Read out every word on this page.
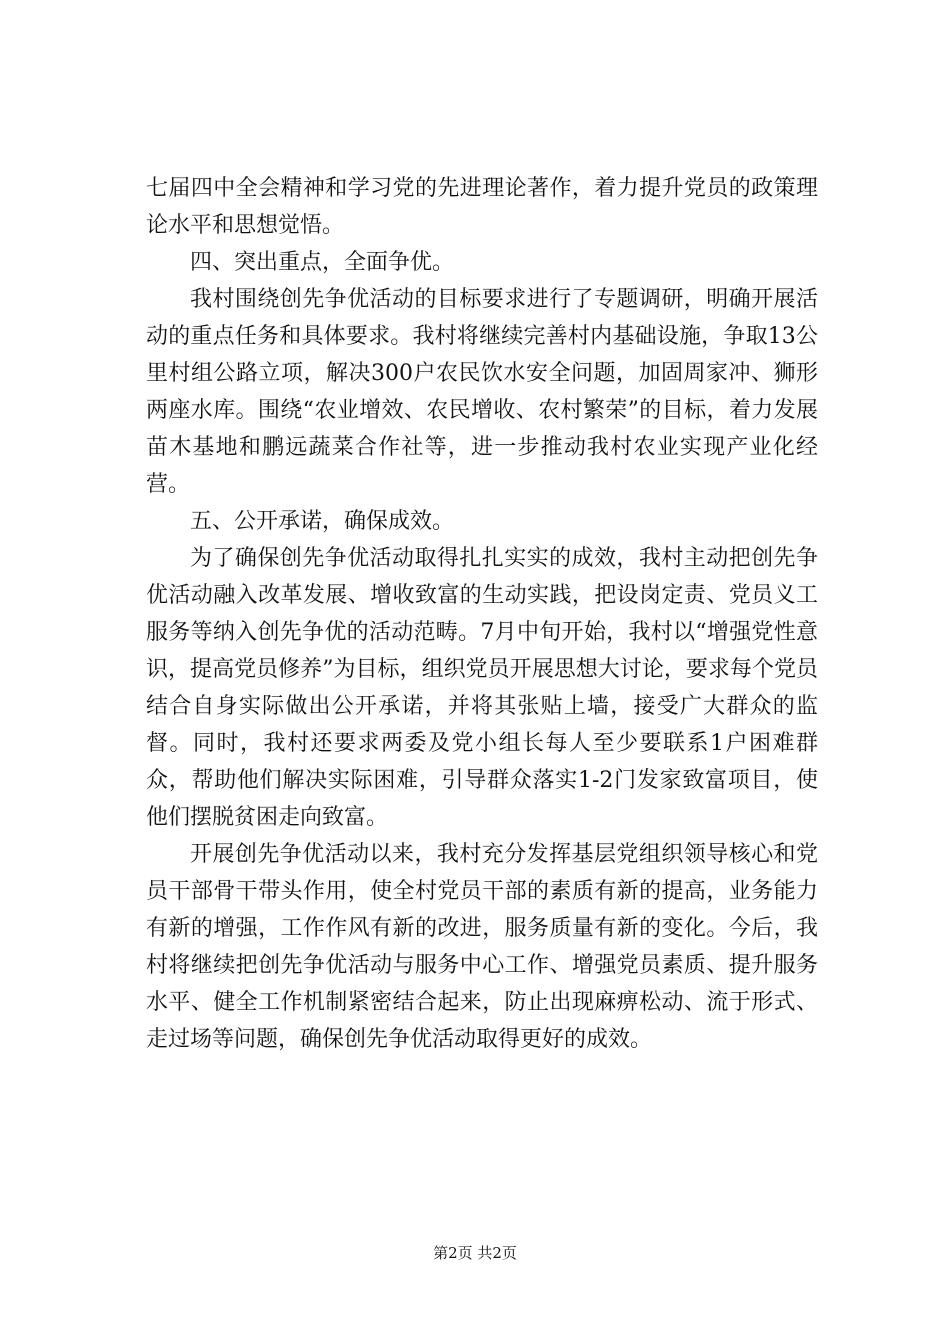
七届四中全会精神和学习党的先进理论著作，着力提升党员的政策理论水平和思想觉悟。

四、突出重点，全面争优。

我村围绕创先争优活动的目标要求进行了专题调研，明确开展活动的重点任务和具体要求。我村将继续完善村内基础设施，争取13公里村组公路立项，解决300户农民饮水安全问题，加固周家冲、狮形两座水库。围绕“农业增效、农民增收、农村繁荣”的目标，着力发展苗木基地和鹏远蔬菜合作社等，进一步推动我村农业实现产业化经营。

五、公开承诺，确保成效。

为了确保创先争优活动取得扎扎实实的成效，我村主动把创先争优活动融入改革发展、增收致富的生动实践，把设岗定责、党员义工服务等纳入创先争优的活动范畴。7月中旬开始，我村以“增强党性意识，提高党员修养”为目标，组织党员开展思想大讨论，要求每个党员结合自身实际做出公开承诺，并将其张贴上墙，接受广大群众的监督。同时，我村还要求两委及党小组长每人至少要联系1户困难群众，帮助他们解决实际困难，引导群众落实1-2门发家致富项目，使他们摆脱贫困走向致富。

开展创先争优活动以来，我村充分发挥基层党组织领导核心和党员干部骨干带头作用，使全村党员干部的素质有新的提高，业务能力有新的增强，工作作风有新的改进，服务质量有新的变化。今后，我村将继续把创先争优活动与服务中心工作、增强党员素质、提升服务水平、健全工作机制紧密结合起来，防止出现麻痹松动、流于形式、走过场等问题，确保创先争优活动取得更好的成效。

第2页 共2页
